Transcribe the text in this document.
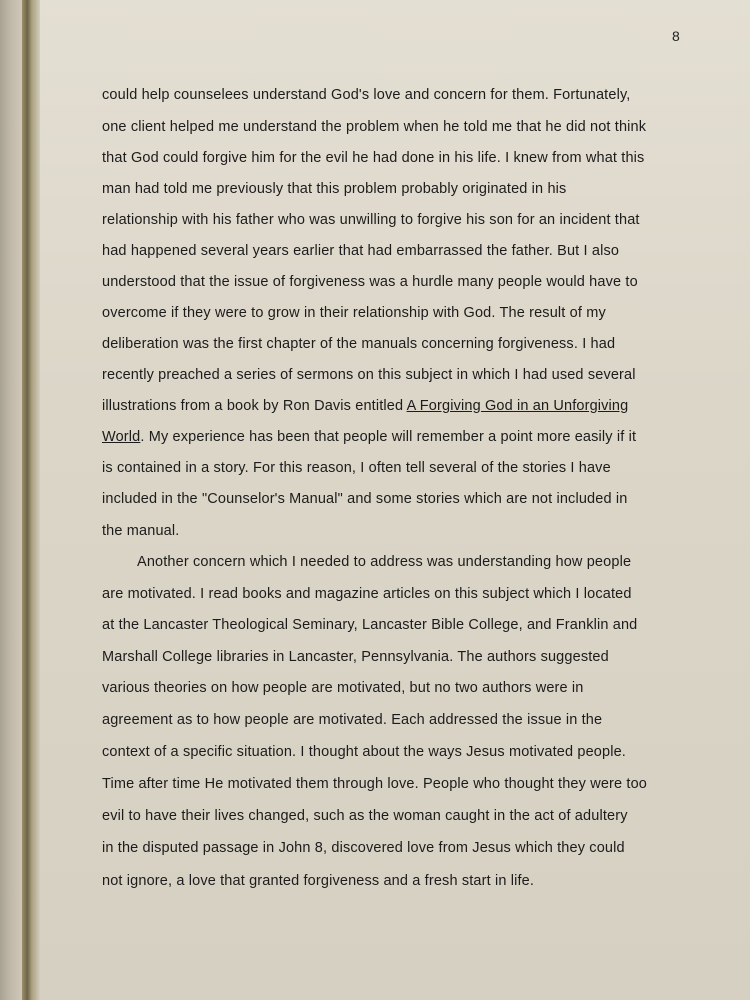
8
could help counselees understand God's love and concern for them. Fortunately,
one client helped me understand the problem when he told me that he did not think
that God could forgive him for the evil he had done in his life. I knew from what this
man had told me previously that this problem probably originated in his
relationship with his father who was unwilling to forgive his son for an incident that
had happened several years earlier that had embarrassed the father. But I also
understood that the issue of forgiveness was a hurdle many people would have to
overcome if they were to grow in their relationship with God. The result of my
deliberation was the first chapter of the manuals concerning forgiveness. I had
recently preached a series of sermons on this subject in which I had used several
illustrations from a book by Ron Davis entitled A Forgiving God in an Unforgiving
World. My experience has been that people will remember a point more easily if it
is contained in a story. For this reason, I often tell several of the stories I have
included in the "Counselor's Manual" and some stories which are not included in
the manual.
Another concern which I needed to address was understanding how people
are motivated. I read books and magazine articles on this subject which I located
at the Lancaster Theological Seminary, Lancaster Bible College, and Franklin and
Marshall College libraries in Lancaster, Pennsylvania. The authors suggested
various theories on how people are motivated, but no two authors were in
agreement as to how people are motivated. Each addressed the issue in the
context of a specific situation. I thought about the ways Jesus motivated people.
Time after time He motivated them through love. People who thought they were too
evil to have their lives changed, such as the woman caught in the act of adultery
in the disputed passage in John 8, discovered love from Jesus which they could
not ignore, a love that granted forgiveness and a fresh start in life.
